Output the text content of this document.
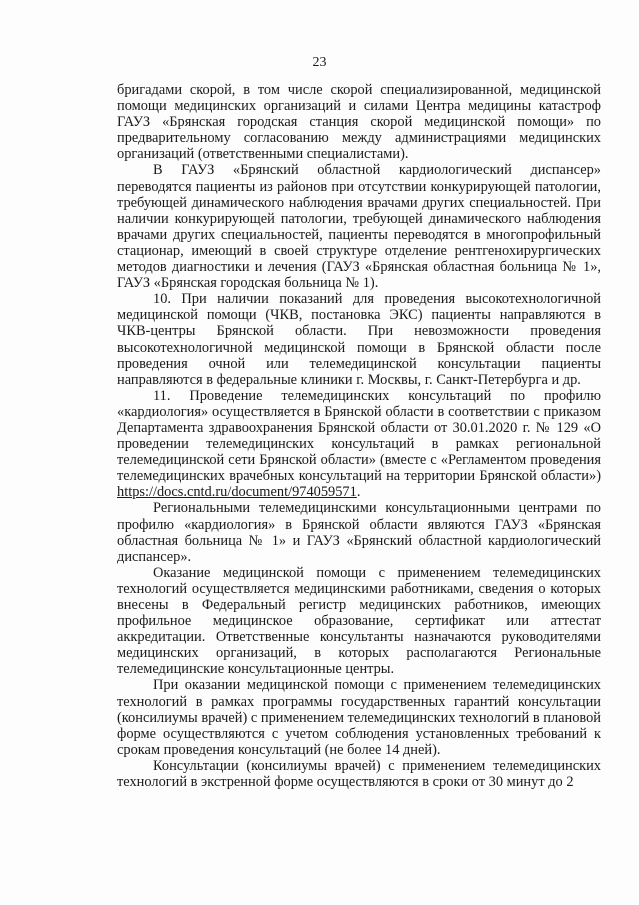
23

бригадами скорой, в том числе скорой специализированной, медицинской помощи медицинских организаций и силами Центра медицины катастроф ГАУЗ «Брянская городская станция скорой медицинской помощи» по предварительному согласованию между администрациями медицинских организаций (ответственными специалистами).

В ГАУЗ «Брянский областной кардиологический диспансер» переводятся пациенты из районов при отсутствии конкурирующей патологии, требующей динамического наблюдения врачами других специальностей. При наличии конкурирующей патологии, требующей динамического наблюдения врачами других специальностей, пациенты переводятся в многопрофильный стационар, имеющий в своей структуре отделение рентгенохирургических методов диагностики и лечения (ГАУЗ «Брянская областная больница № 1», ГАУЗ «Брянская городская больница № 1).

10. При наличии показаний для проведения высокотехнологичной медицинской помощи (ЧКВ, постановка ЭКС) пациенты направляются в ЧКВ-центры Брянской области. При невозможности проведения высокотехнологичной медицинской помощи в Брянской области после проведения очной или телемедицинской консультации пациенты направляются в федеральные клиники г. Москвы, г. Санкт-Петербурга и др.

11. Проведение телемедицинских консультаций по профилю «кардиология» осуществляется в Брянской области в соответствии с приказом Департамента здравоохранения Брянской области от 30.01.2020 г. № 129 «О проведении телемедицинских консультаций в рамках региональной телемедицинской сети Брянской области» (вместе с «Регламентом проведения телемедицинских врачебных консультаций на территории Брянской области») https://docs.cntd.ru/document/974059571.

Региональными телемедицинскими консультационными центрами по профилю «кардиология» в Брянской области являются ГАУЗ «Брянская областная больница № 1» и ГАУЗ «Брянский областной кардиологический диспансер».

Оказание медицинской помощи с применением телемедицинских технологий осуществляется медицинскими работниками, сведения о которых внесены в Федеральный регистр медицинских работников, имеющих профильное медицинское образование, сертификат или аттестат аккредитации. Ответственные консультанты назначаются руководителями медицинских организаций, в которых располагаются Региональные телемедицинские консультационные центры.

При оказании медицинской помощи с применением телемедицинских технологий в рамках программы государственных гарантий консультации (консилиумы врачей) с применением телемедицинских технологий в плановой форме осуществляются с учетом соблюдения установленных требований к срокам проведения консультаций (не более 14 дней).

Консультации (консилиумы врачей) с применением телемедицинских технологий в экстренной форме осуществляются в сроки от 30 минут до 2
